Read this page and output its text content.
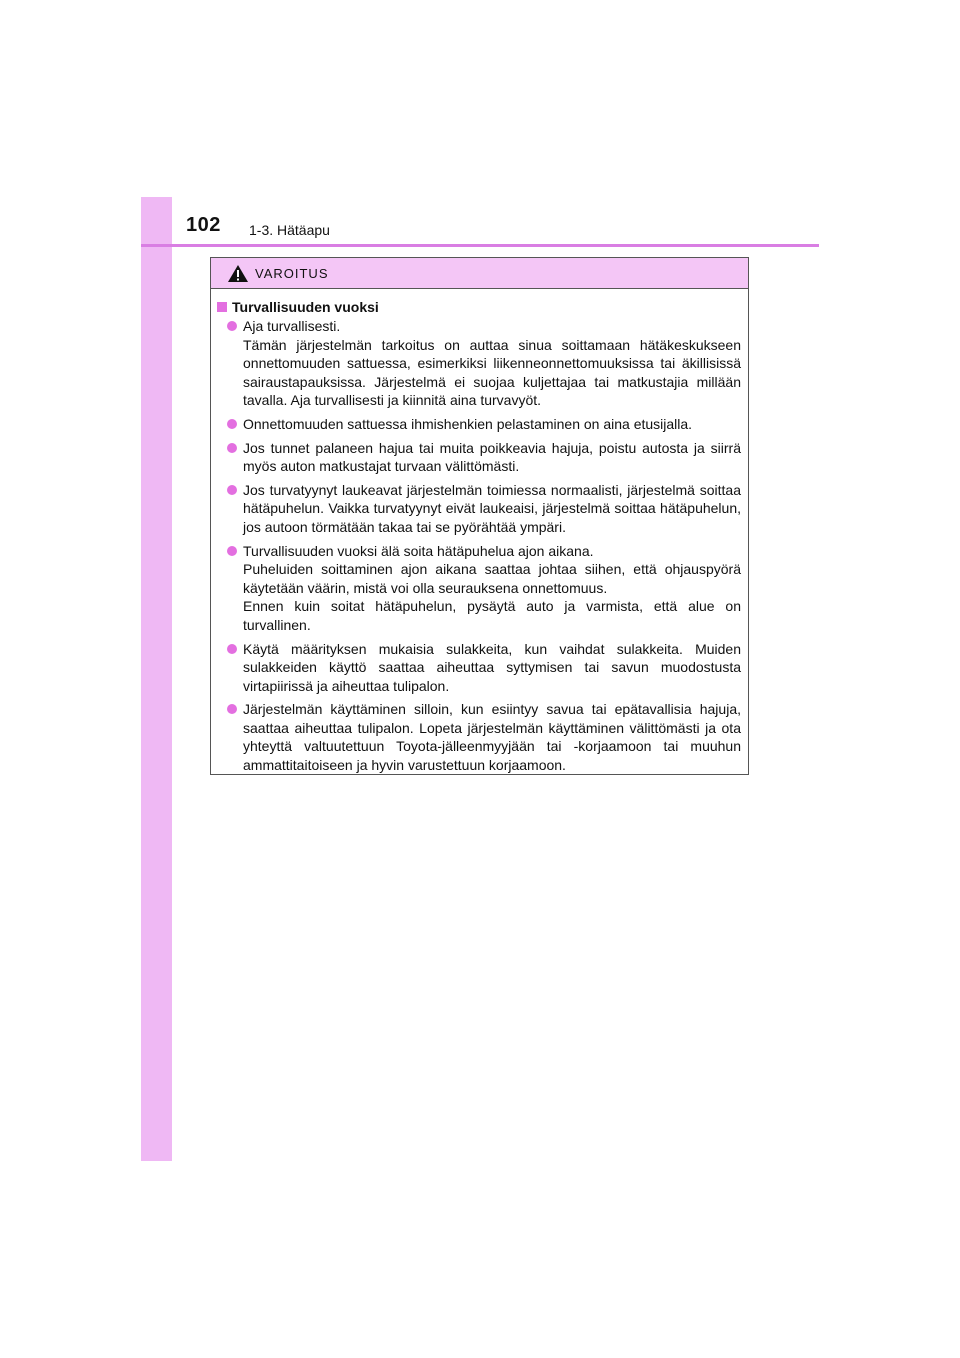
102 1-3. Hätäapu
VAROITUS
Turvallisuuden vuoksi
Aja turvallisesti.
Tämän järjestelmän tarkoitus on auttaa sinua soittamaan hätäkeskukseen onnettomuuden sattuessa, esimerkiksi liikenneonnettomuuksissa tai äkillisissä sairaustapauksissa. Järjestelmä ei suojaa kuljettajaa tai matkustajia millään tavalla. Aja turvallisesti ja kiinnitä aina turvavyöt.
Onnettomuuden sattuessa ihmishenkien pelastaminen on aina etusijalla.
Jos tunnet palaneen hajua tai muita poikkeavia hajuja, poistu autosta ja siirrä myös auton matkustajat turvaan välittömästi.
Jos turvatyynyt laukeavat järjestelmän toimiessa normaalisti, järjestelmä soittaa hätäpuhelun. Vaikka turvatyynyt eivät laukeaisi, järjestelmä soittaa hätäpuhelun, jos autoon törmätään takaa tai se pyörähtää ympäri.
Turvallisuuden vuoksi älä soita hätäpuhelua ajon aikana.
Puheluiden soittaminen ajon aikana saattaa johtaa siihen, että ohjauspyörä käytetään väärin, mistä voi olla seurauksena onnettomuus.
Ennen kuin soitat hätäpuhelun, pysäytä auto ja varmista, että alue on turvallinen.
Käytä määrityksen mukaisia sulakkeita, kun vaihdat sulakkeita. Muiden sulakkeiden käyttö saattaa aiheuttaa syttymisen tai savun muodostusta virtapiirissä ja aiheuttaa tulipalon.
Järjestelmän käyttäminen silloin, kun esiintyy savua tai epätavallisia hajuja, saattaa aiheuttaa tulipalon. Lopeta järjestelmän käyttäminen välittömästi ja ota yhteyttä valtuutettuun Toyota-jälleenmyyjään tai -korjaamoon tai muuhun ammattitaitoiseen ja hyvin varustettuun korjaamoon.
